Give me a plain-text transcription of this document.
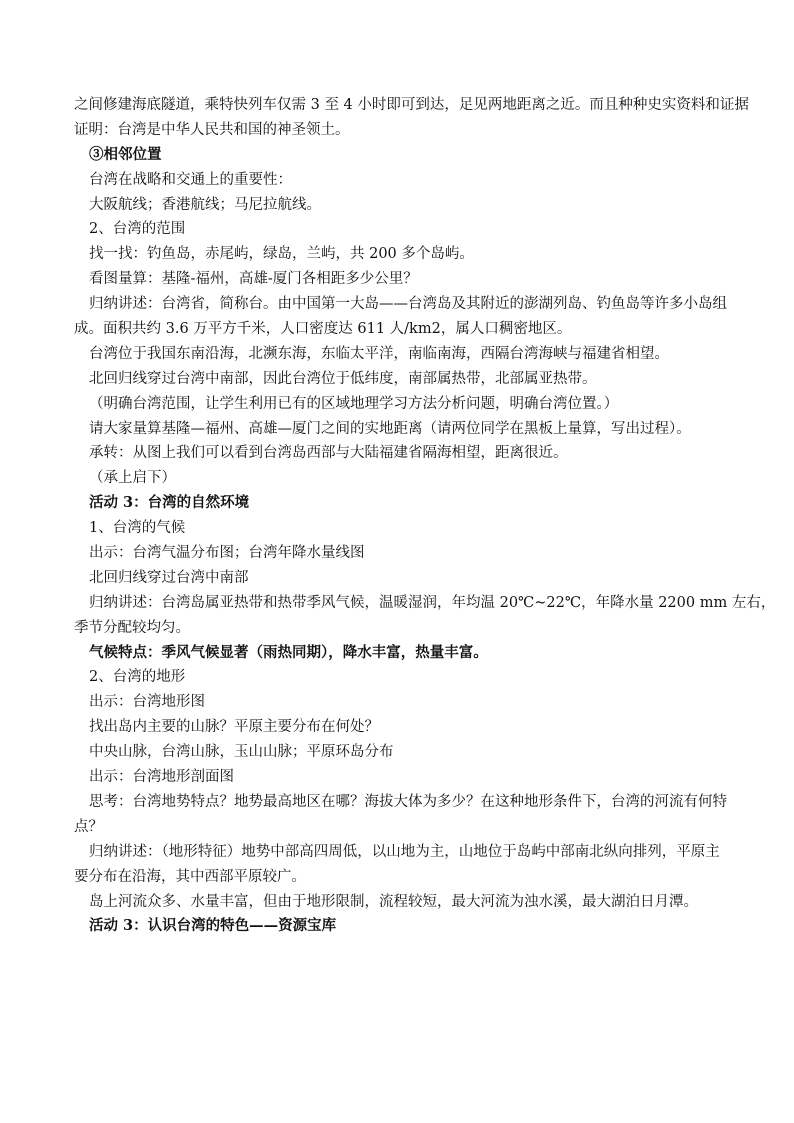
之间修建海底隧道，乘特快列车仅需 3 至 4 小时即可到达，足见两地距离之近。而且种种史实资料和证据
证明：台湾是中华人民共和国的神圣领土。
③相邻位置
台湾在战略和交通上的重要性：
大阪航线；香港航线；马尼拉航线。
2、台湾的范围
找一找：钓鱼岛，赤尾屿，绿岛，兰屿，共 200 多个岛屿。
看图量算：基隆-福州，高雄-厦门各相距多少公里？
归纳讲述：台湾省，简称台。由中国第一大岛——台湾岛及其附近的澎湖列岛、钓鱼岛等许多小岛组
成。面积共约 3.6 万平方千米，人口密度达 611 人/km2，属人口稠密地区。
台湾位于我国东南沿海，北濒东海，东临太平洋，南临南海，西隔台湾海峡与福建省相望。
北回归线穿过台湾中南部，因此台湾位于低纬度，南部属热带，北部属亚热带。
（明确台湾范围，让学生利用已有的区域地理学习方法分析问题，明确台湾位置。）
请大家量算基隆—福州、高雄—厦门之间的实地距离（请两位同学在黑板上量算，写出过程）。
承转：从图上我们可以看到台湾岛西部与大陆福建省隔海相望，距离很近。
（承上启下）
活动 3：台湾的自然环境
1、台湾的气候
出示：台湾气温分布图；台湾年降水量线图
北回归线穿过台湾中南部
归纳讲述：台湾岛属亚热带和热带季风气候，温暖湿润，年均温 20℃~22℃，年降水量 2200 mm 左右，
季节分配较均匀。
气候特点：季风气候显著（雨热同期），降水丰富，热量丰富。
2、台湾的地形
出示：台湾地形图
找出岛内主要的山脉？平原主要分布在何处？
中央山脉，台湾山脉，玉山山脉；平原环岛分布
出示：台湾地形剖面图
思考：台湾地势特点？地势最高地区在哪？海拔大体为多少？在这种地形条件下，台湾的河流有何特
点？
归纳讲述：（地形特征）地势中部高四周低，以山地为主，山地位于岛屿中部南北纵向排列，平原主
要分布在沿海，其中西部平原较广。
岛上河流众多、水量丰富，但由于地形限制，流程较短，最大河流为浊水溪，最大湖泊日月潭。
活动 3：认识台湾的特色——资源宝库
